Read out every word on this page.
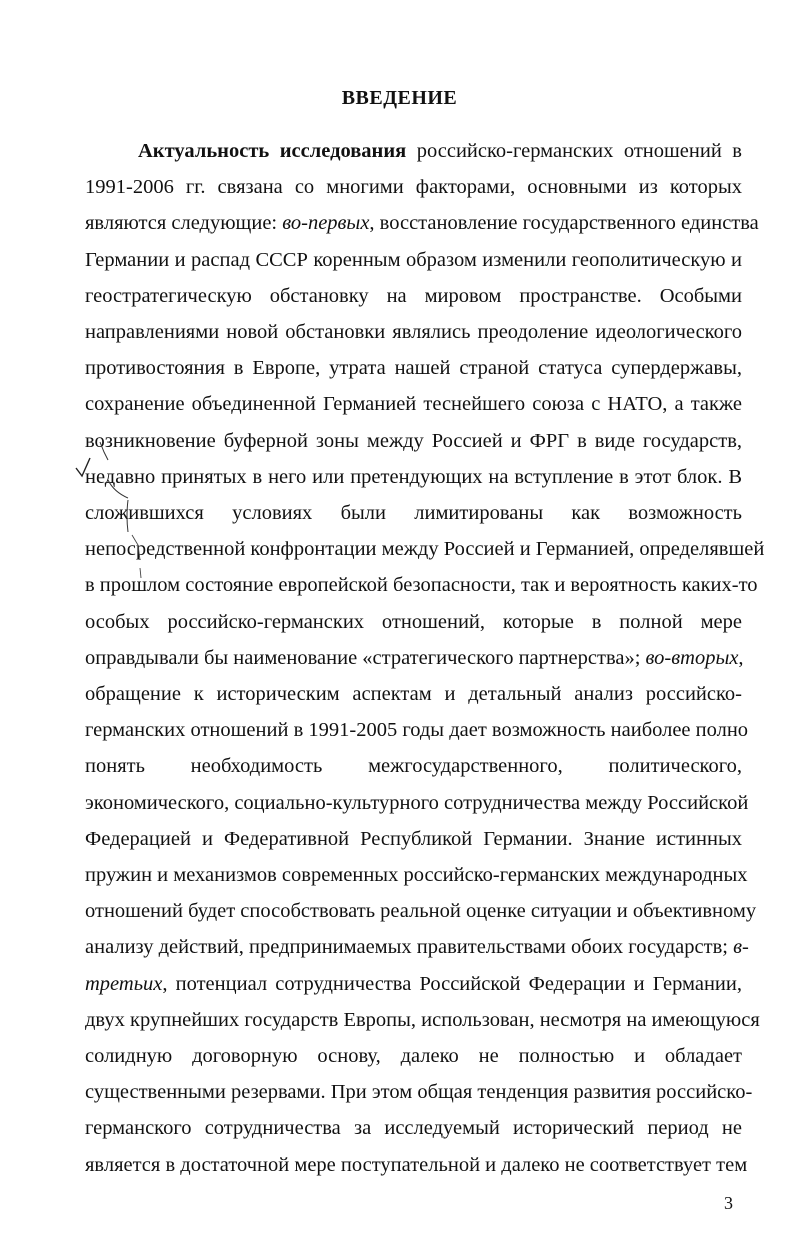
ВВЕДЕНИЕ
Актуальность исследования российско-германских отношений в
1991-2006 гг. связана со многими факторами, основными из которых
являются следующие: во-первых, восстановление государственного единства
Германии и распад СССР коренным образом изменили геополитическую и
геостратегическую обстановку на мировом пространстве. Особыми
направлениями новой обстановки являлись преодоление идеологического
противостояния в Европе, утрата нашей страной статуса супердержавы,
сохранение объединенной Германией теснейшего союза с НАТО, а также
возникновение буферной зоны между Россией и ФРГ в виде государств,
недавно принятых в него или претендующих на вступление в этот блок. В
сложившихся условиях были лимитированы как возможность
непосредственной конфронтации между Россией и Германией, определявшей
в прошлом состояние европейской безопасности, так и вероятность каких-то
особых российско-германских отношений, которые в полной мере
оправдывали бы наименование «стратегического партнерства»; во-вторых,
обращение к историческим аспектам и детальный анализ российско-
германских отношений в 1991-2005 годы дает возможность наиболее полно
понять необходимость межгосударственного, политического,
экономического, социально-культурного сотрудничества между Российской
Федерацией и Федеративной Республикой Германии. Знание истинных
пружин и механизмов современных российско-германских международных
отношений будет способствовать реальной оценке ситуации и объективному
анализу действий, предпринимаемых правительствами обоих государств; в-
третьих, потенциал сотрудничества Российской Федерации и Германии,
двух крупнейших государств Европы, использован, несмотря на имеющуюся
солидную договорную основу, далеко не полностью и обладает
существенными резервами. При этом общая тенденция развития российско-
германского сотрудничества за исследуемый исторический период не
является в достаточной мере поступательной и далеко не соответствует тем
3
